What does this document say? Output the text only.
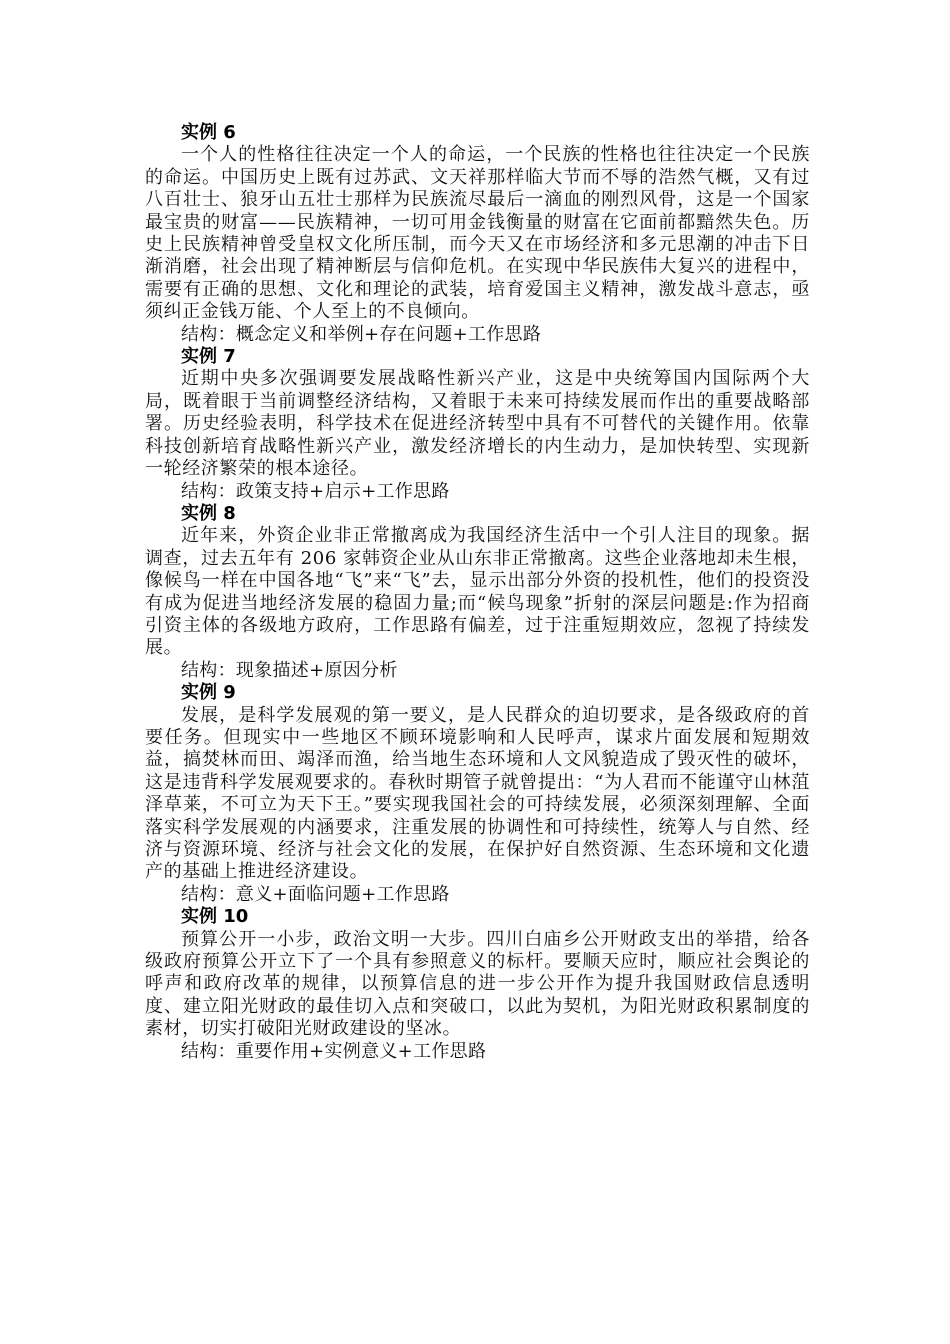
实例 6

一个人的性格往往决定一个人的命运，一个民族的性格也往往决定一个民族的命运。中国历史上既有过苏武、文天祥那样临大节而不辱的浩然气概，又有过八百壮士、狼牙山五壮士那样为民族流尽最后一滴血的刚烈风骨，这是一个国家最宝贵的财富——民族精神，一切可用金钱衡量的财富在它面前都黯然失色。历史上民族精神曾受皇权文化所压制，而今天又在市场经济和多元思潮的冲击下日渐消磨，社会出现了精神断层与信仰危机。在实现中华民族伟大复兴的进程中，需要有正确的思想、文化和理论的武装，培育爱国主义精神，激发战斗意志，亟须纠正金钱万能、个人至上的不良倾向。

结构：概念定义和举例+存在问题+工作思路

实例 7

近期中央多次强调要发展战略性新兴产业，这是中央统筹国内国际两个大局，既着眼于当前调整经济结构，又着眼于未来可持续发展而作出的重要战略部署。历史经验表明，科学技术在促进经济转型中具有不可替代的关键作用。依靠科技创新培育战略性新兴产业，激发经济增长的内生动力，是加快转型、实现新一轮经济繁荣的根本途径。

结构：政策支持+启示+工作思路

实例 8

近年来，外资企业非正常撤离成为我国经济生活中一个引人注目的现象。据调查，过去五年有 206 家韩资企业从山东非正常撤离。这些企业落地却未生根，像候鸟一样在中国各地“飞”来“飞”去，显示出部分外资的投机性，他们的投资没有成为促进当地经济发展的稳固力量;而“候鸟现象”折射的深层问题是:作为招商引资主体的各级地方政府，工作思路有偏差，过于注重短期效应，忽视了持续发展。

结构：现象描述+原因分析

实例 9

发展，是科学发展观的第一要义，是人民群众的迫切要求，是各级政府的首要任务。但现实中一些地区不顾环境影响和人民呼声，谋求片面发展和短期效益，搞焚林而田、竭泽而渔，给当地生态环境和人文风貌造成了毁灭性的破坏，这是违背科学发展观要求的。春秋时期管子就曾提出：“为人君而不能谨守山林菹泽草莱，不可立为天下王。”要实现我国社会的可持续发展，必须深刻理解、全面落实科学发展观的内涵要求，注重发展的协调性和可持续性，统筹人与自然、经济与资源环境、经济与社会文化的发展，在保护好自然资源、生态环境和文化遗产的基础上推进经济建设。

结构：意义+面临问题+工作思路

实例 10

预算公开一小步，政治文明一大步。四川白庙乡公开财政支出的举措，给各级政府预算公开立下了一个具有参照意义的标杆。要顺天应时，顺应社会舆论的呼声和政府改革的规律，以预算信息的进一步公开作为提升我国财政信息透明度、建立阳光财政的最佳切入点和突破口，以此为契机，为阳光财政积累制度的素材，切实打破阳光财政建设的坚冰。

结构：重要作用+实例意义+工作思路
